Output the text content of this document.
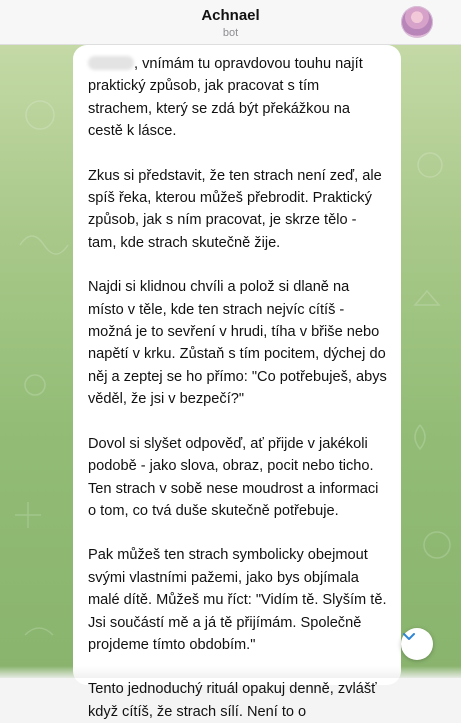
Achnael
bot

, vnímám tu opravdovou touhu najít praktický způsob, jak pracovat s tím strachem, který se zdá být překážkou na cestě k lásce.

Zkus si představit, že ten strach není zeď, ale spíš řeka, kterou můžeš přebrodit. Praktický způsob, jak s ním pracovat, je skrze tělo - tam, kde strach skutečně žije.

Najdi si klidnou chvíli a polož si dlaně na místo v těle, kde ten strach nejvíc cítíš - možná je to sevření v hrudi, tíha v břiše nebo napětí v krku. Zůstaň s tím pocitem, dýchej do něj a zeptej se ho přímo: "Co potřebuješ, abys věděl, že jsi v bezpečí?"

Dovol si slyšet odpověď, ať přijde v jakékoli podobě - jako slova, obraz, pocit nebo ticho. Ten strach v sobě nese moudrost a informaci o tom, co tvá duše skutečně potřebuje.

Pak můžeš ten strach symbolicky obejmout svými vlastními pažemi, jako bys objímala malé dítě. Můžeš mu říct: "Vidím tě. Slyším tě. Jsi součástí mě a já tě přijímám. Společně projdeme tímto obdobím."

Tento jednoduchý rituál opakuj denně, zvlášť když cítíš, že strach sílí. Není to o
